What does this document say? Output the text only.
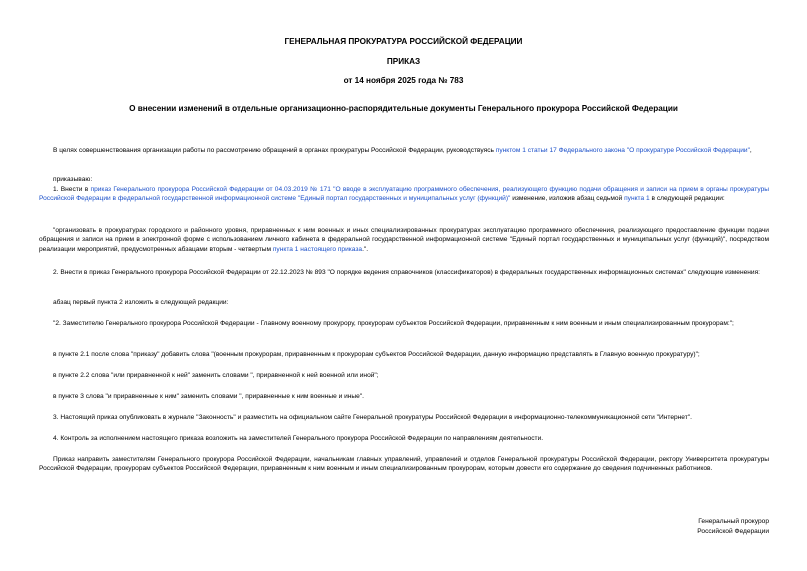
ГЕНЕРАЛЬНАЯ ПРОКУРАТУРА РОССИЙСКОЙ ФЕДЕРАЦИИ

ПРИКАЗ

от 14 ноября 2025 года № 783

О внесении изменений в отдельные организационно-распорядительные документы Генерального прокурора Российской Федерации

В целях совершенствования организации работы по рассмотрению обращений в органах прокуратуры Российской Федерации, руководствуясь пунктом 1 статьи 17 Федерального закона "О прокуратуре Российской Федерации",

приказываю:

1. Внести в приказ Генерального прокурора Российской Федерации от 04.03.2019 № 171 "О вводе в эксплуатацию программного обеспечения, реализующего функцию подачи обращения и записи на прием в органы прокуратуры Российской Федерации в федеральной государственной информационной системе "Единый портал государственных и муниципальных услуг (функций)" изменение, изложив абзац седьмой пункта 1 в следующей редакции:

"организовать в прокуратурах городского и районного уровня, приравненных к ним военных и иных специализированных прокуратурах эксплуатацию программного обеспечения, реализующего предоставление функции подачи обращения и записи на прием в электронной форме с использованием личного кабинета в федеральной государственной информационной системе "Единый портал государственных и муниципальных услуг (функций)", посредством реализации мероприятий, предусмотренных абзацами вторым - четвертым пункта 1 настоящего приказа.".

2. Внести в приказ Генерального прокурора Российской Федерации от 22.12.2023 № 893 "О порядке ведения справочников (классификаторов) в федеральных государственных информационных системах" следующие изменения:

абзац первый пункта 2 изложить в следующей редакции:

"2. Заместителю Генерального прокурора Российской Федерации - Главному военному прокурору, прокурорам субъектов Российской Федерации, приравненным к ним военным и иным специализированным прокурорам:";

в пункте 2.1 после слова "приказу" добавить слова "(военным прокурорам, приравненным к прокурорам субъектов Российской Федерации, данную информацию представлять в Главную военную прокуратуру)";

в пункте 2.2 слова "или приравненной к ней" заменить словами ", приравненной к ней военной или иной";

в пункте 3 слова "и приравненные к ним" заменить словами ", приравненные к ним военные и иные".

3. Настоящий приказ опубликовать в журнале "Законность" и разместить на официальном сайте Генеральной прокуратуры Российской Федерации в информационно-телекоммуникационной сети "Интернет".

4. Контроль за исполнением настоящего приказа возложить на заместителей Генерального прокурора Российской Федерации по направлениям деятельности.

Приказ направить заместителям Генерального прокурора Российской Федерации, начальникам главных управлений, управлений и отделов Генеральной прокуратуры Российской Федерации, ректору Университета прокуратуры Российской Федерации, прокурорам субъектов Российской Федерации, приравненным к ним военным и иным специализированным прокурорам, которым довести его содержание до сведения подчиненных работников.

Генеральный прокурор
Российской Федерации
